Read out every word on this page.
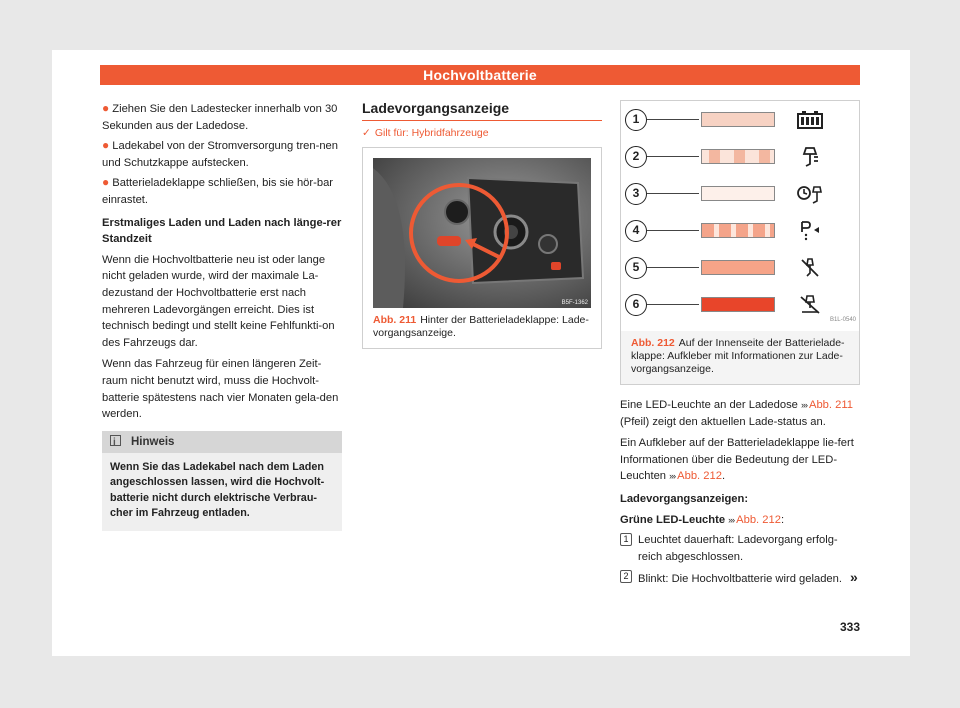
Hochvoltbatterie
● Ziehen Sie den Ladestecker innerhalb von 30 Sekunden aus der Ladedose.
● Ladekabel von der Stromversorgung tren-nen und Schutzkappe aufstecken.
● Batterieladeklappe schließen, bis sie hör-bar einrastet.
Erstmaliges Laden und Laden nach länge-rer Standzeit
Wenn die Hochvoltbatterie neu ist oder lange nicht geladen wurde, wird der maximale La-dezustand der Hochvoltbatterie erst nach mehreren Ladevorgängen erreicht. Dies ist technisch bedingt und stellt keine Fehlfunkti-on des Fahrzeugs dar.
Wenn das Fahrzeug für einen längeren Zeit-raum nicht benutzt wird, muss die Hochvolt-batterie spätestens nach vier Monaten gela-den werden.
iHinweis
Wenn Sie das Ladekabel nach dem Laden angeschlossen lassen, wird die Hochvolt-batterie nicht durch elektrische Verbrau-cher im Fahrzeug entladen.
Ladevorgangsanzeige
✓ Gilt für: Hybridfahrzeuge
B5F-1362
Abb. 211 Hinter der Batterieladeklappe: Lade-vorgangsanzeige.
1
2
3
4
5
6
B1L-0540
Abb. 212 Auf der Innenseite der Batterielade-klappe: Aufkleber mit Informationen zur Lade-vorgangsanzeige.
Eine LED-Leuchte an der Ladedose ››› Abb. 211 (Pfeil) zeigt den aktuellen Lade-status an.
Ein Aufkleber auf der Batterieladeklappe lie-fert Informationen über die Bedeutung der LED-Leuchten ››› Abb. 212.
Ladevorgangsanzeigen:
Grüne LED-Leuchte ››› Abb. 212:
1 Leuchtet dauerhaft: Ladevorgang erfolg-reich abgeschlossen.
2 Blinkt: Die Hochvoltbatterie wird geladen. »
333
